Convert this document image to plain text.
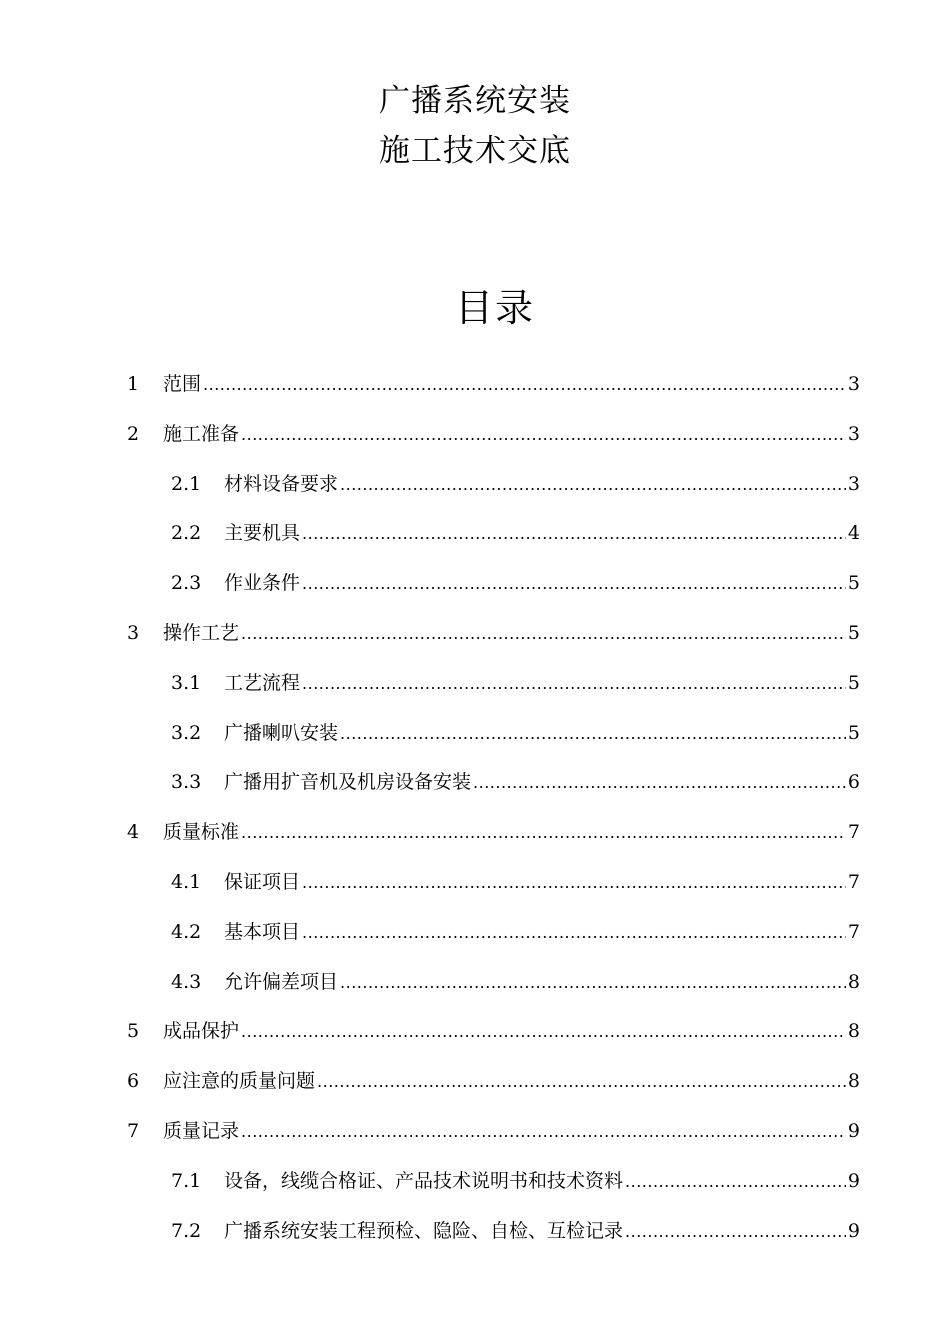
广播系统安装
施工技术交底
目录
1 范围 .....	3
2 施工准备 .....	3
2.1 材料设备要求 .....	3
2.2 主要机具 .....	4
2.3 作业条件 .....	5
3 操作工艺 .....	5
3.1 工艺流程 .....	5
3.2 广播喇叭安装 .....	5
3.3 广播用扩音机及机房设备安装 .....	6
4 质量标准 .....	7
4.1 保证项目 .....	7
4.2 基本项目 .....	7
4.3 允许偏差项目 .....	8
5 成品保护 .....	8
6 应注意的质量问题 .....	8
7 质量记录 .....	9
7.1 设备，线缆合格证、产品技术说明书和技术资料 .....	9
7.2 广播系统安装工程预检、隐险、自检、互检记录 .....	9
